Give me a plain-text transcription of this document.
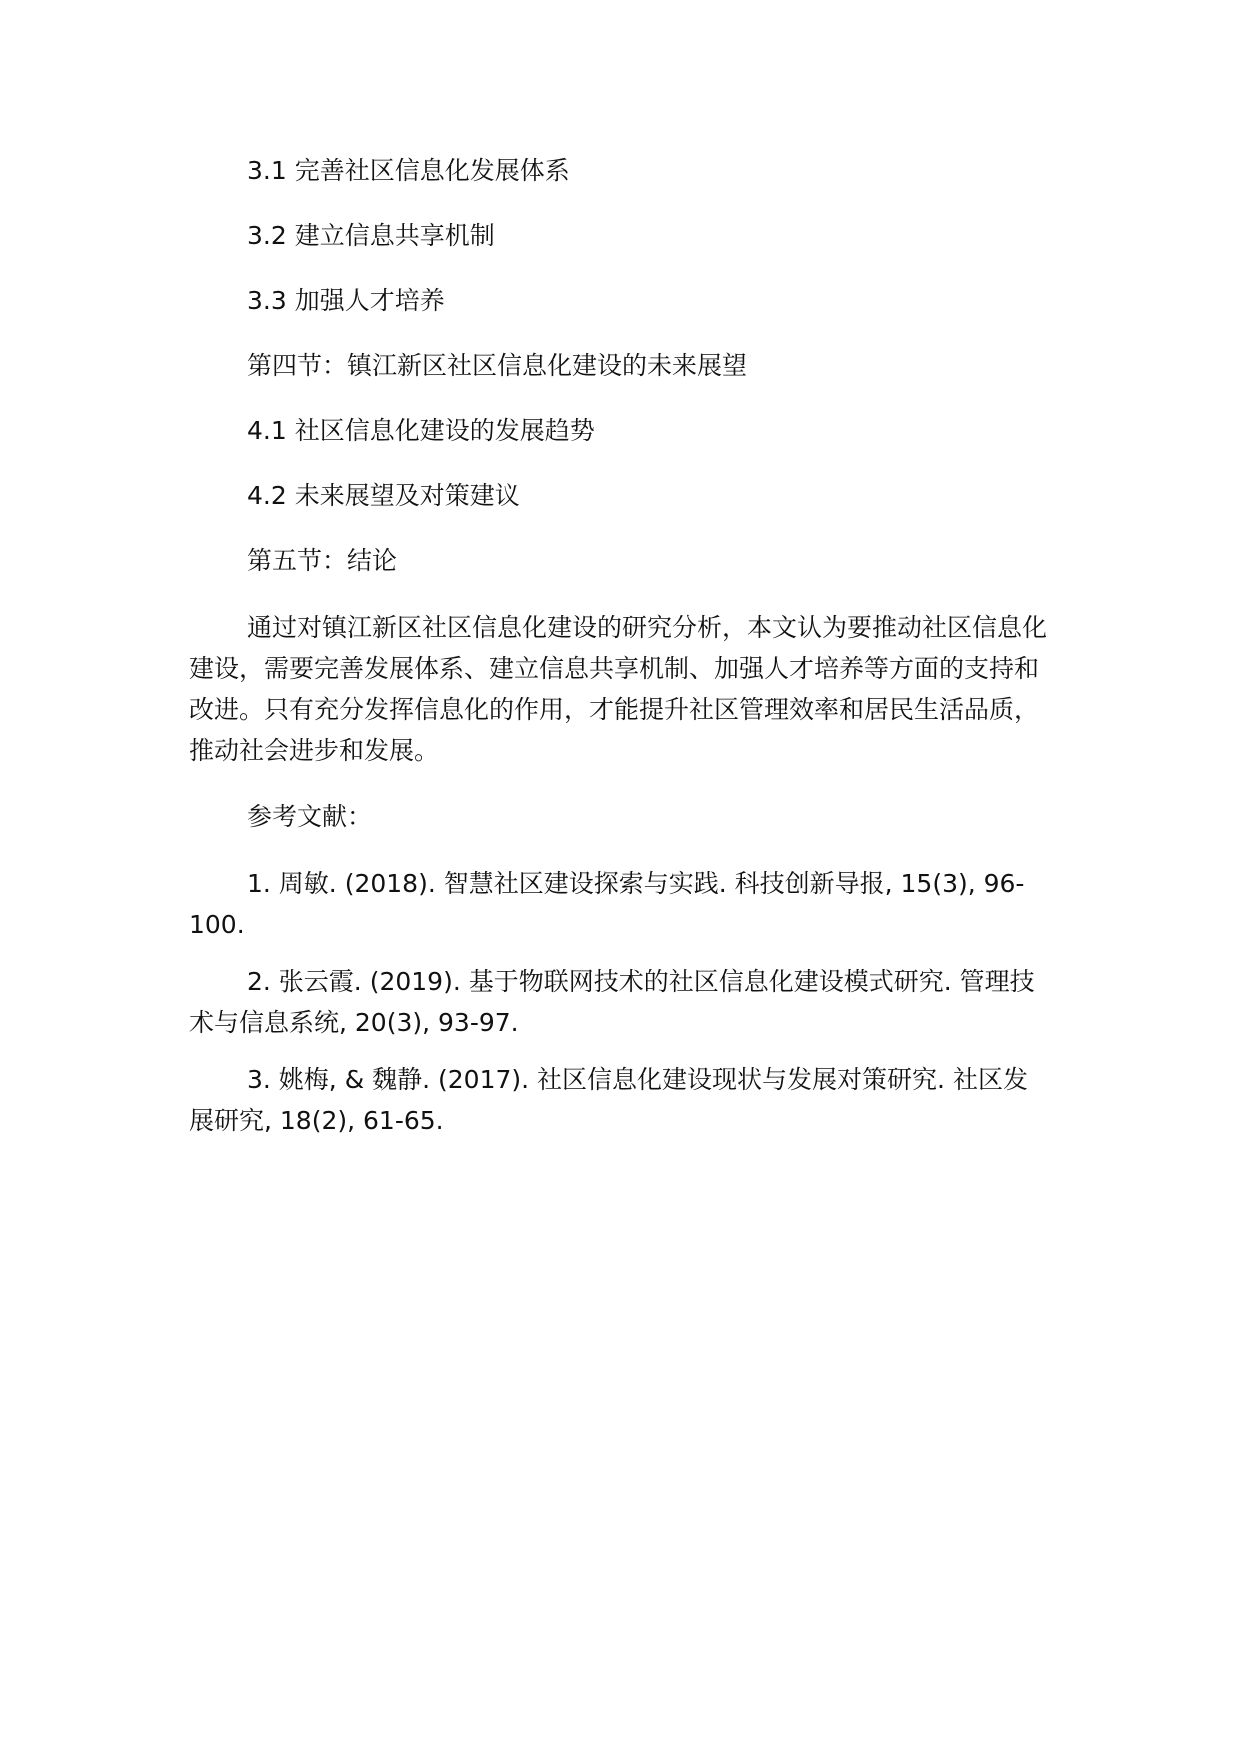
3.1 完善社区信息化发展体系

3.2 建立信息共享机制

3.3 加强人才培养

第四节：镇江新区社区信息化建设的未来展望

4.1 社区信息化建设的发展趋势

4.2 未来展望及对策建议

第五节：结论

通过对镇江新区社区信息化建设的研究分析，本文认为要推动社区信息化建设，需要完善发展体系、建立信息共享机制、加强人才培养等方面的支持和改进。只有充分发挥信息化的作用，才能提升社区管理效率和居民生活品质，推动社会进步和发展。

参考文献：

1. 周敏. (2018). 智慧社区建设探索与实践. 科技创新导报, 15(3), 96-100.

2. 张云霞. (2019). 基于物联网技术的社区信息化建设模式研究. 管理技术与信息系统, 20(3), 93-97.

3. 姚梅, & 魏静. (2017). 社区信息化建设现状与发展对策研究. 社区发展研究, 18(2), 61-65.
